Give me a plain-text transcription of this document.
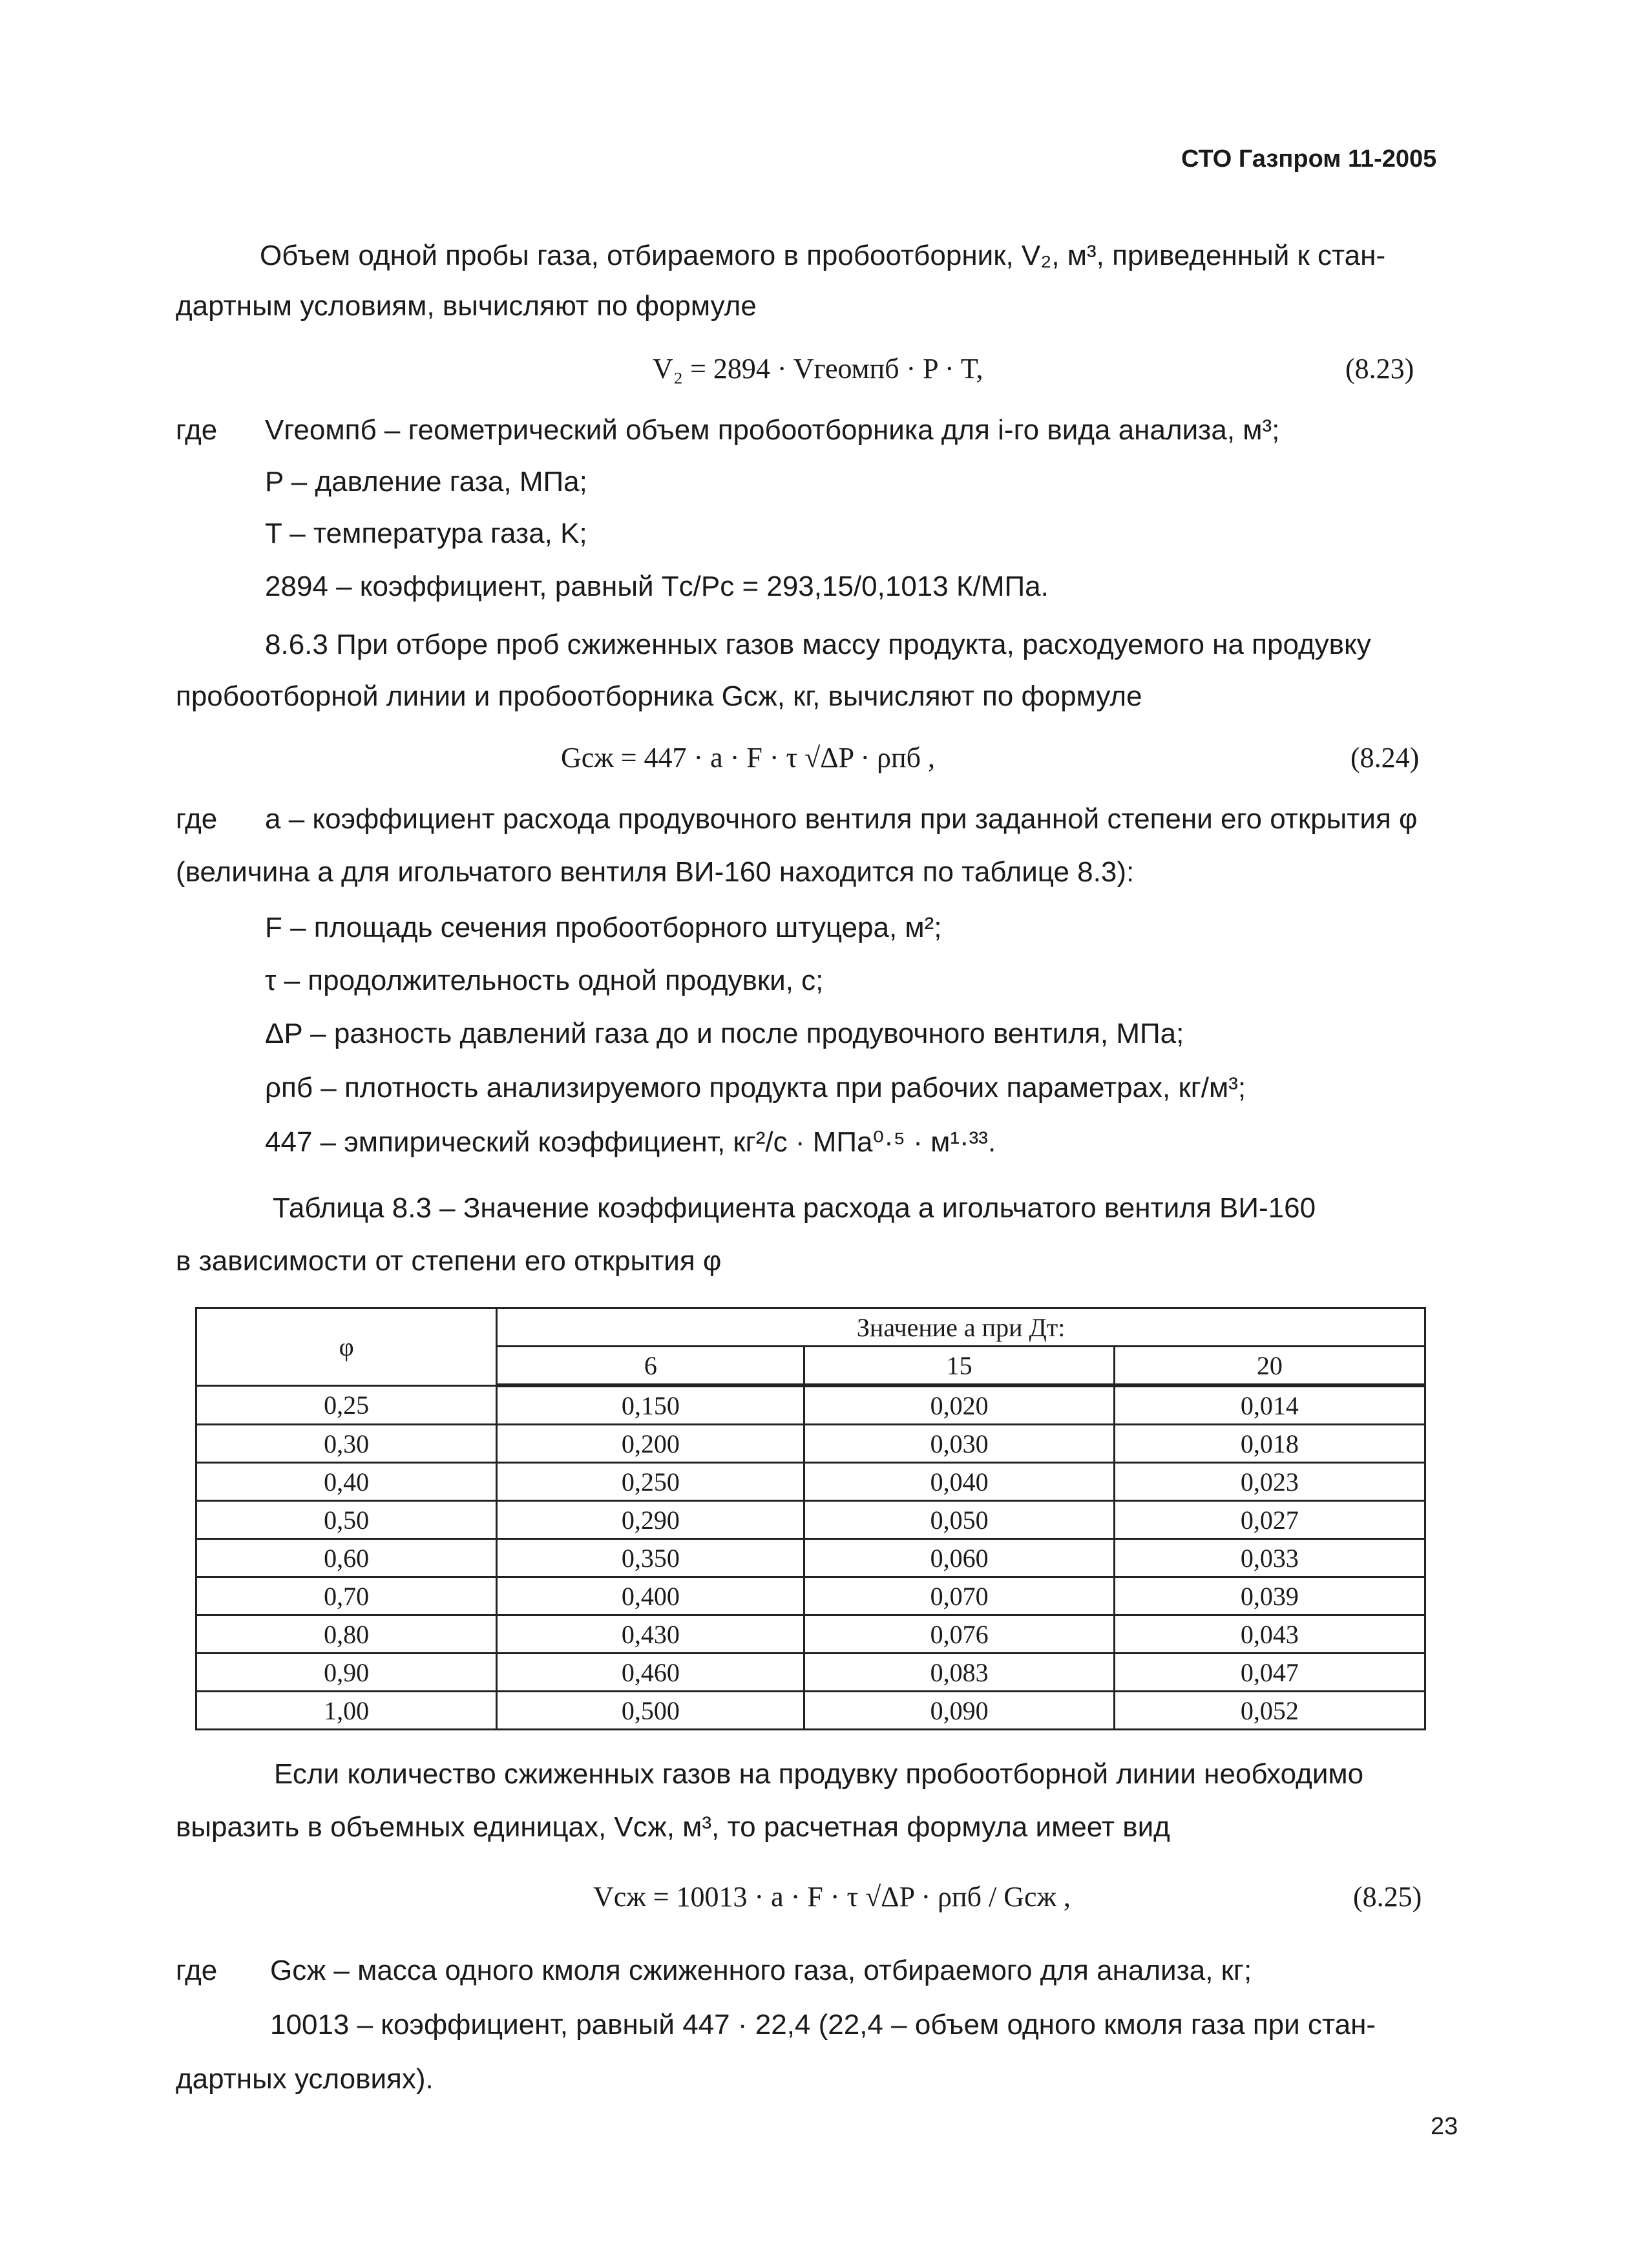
СТО Газпром 11-2005
Объем одной пробы газа, отбираемого в пробоотборник, V₂, м³, приведенный к стан-
дартным условиям, вычисляют по формуле
V₂ = 2894 · Vгеомпб · P · T,	(8.23)
где Vгеомпб – геометрический объем пробоотборника для i-го вида анализа, м³;
P – давление газа, МПа;
T – температура газа, K;
2894 – коэффициент, равный Tс/Pс = 293,15/0,1013 К/МПа.
8.6.3 При отборе проб сжиженных газов массу продукта, расходуемого на продувку
пробоотборной линии и пробоотборника Gсж, кг, вычисляют по формуле
Gсж = 447 · a · F · τ √ΔP · ρпб ,	(8.24)
где a – коэффициент расхода продувочного вентиля при заданной степени его открытия φ
(величина a для игольчатого вентиля ВИ-160 находится по таблице 8.3):
F – площадь сечения пробоотборного штуцера, м²;
τ – продолжительность одной продувки, с;
ΔP – разность давлений газа до и после продувочного вентиля, МПа;
ρпб – плотность анализируемого продукта при рабочих параметрах, кг/м³;
447 – эмпирический коэффициент, кг²/с · МПа⁰·⁵ · м¹·³³.
Таблица 8.3 – Значение коэффициента расхода a игольчатого вентиля ВИ-160
в зависимости от степени его открытия φ
φ	Значение a при Дт:		
	6	15	20
0,25	0,150	0,020	0,014
0,30	0,200	0,030	0,018
0,40	0,250	0,040	0,023
0,50	0,290	0,050	0,027
0,60	0,350	0,060	0,033
0,70	0,400	0,070	0,039
0,80	0,430	0,076	0,043
0,90	0,460	0,083	0,047
1,00	0,500	0,090	0,052
Если количество сжиженных газов на продувку пробоотборной линии необходимо
выразить в объемных единицах, Vсж, м³, то расчетная формула имеет вид
Vсж = 10013 · a · F · τ √ΔP · ρпб / Gсж ,	(8.25)
где Gсж – масса одного кмоля сжиженного газа, отбираемого для анализа, кг;
10013 – коэффициент, равный 447 · 22,4 (22,4 – объем одного кмоля газа при стан-
дартных условиях).
23
